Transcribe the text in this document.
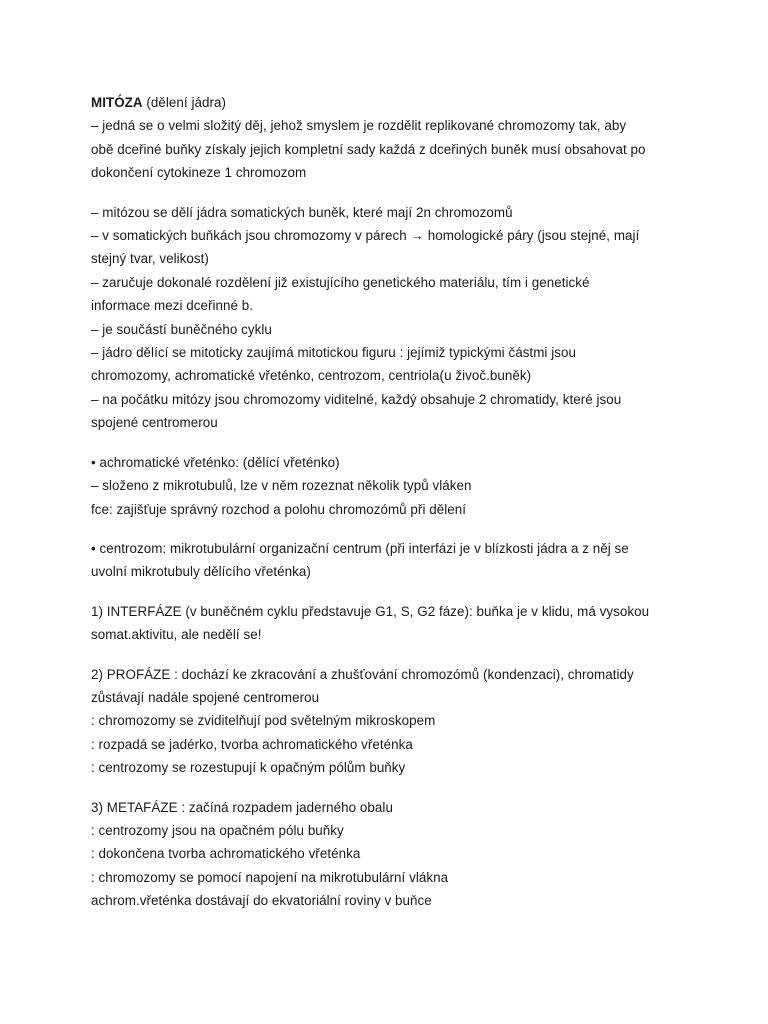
MITÓZA (dělení jádra)
– jedná se o velmi složitý děj, jehož smyslem je rozdělit replikované chromozomy tak, aby
obě dceřiné buňky získaly jejich kompletní sady každá z dceřiných buněk musí obsahovat po
dokončení cytokineze 1 chromozom
– mitózou se dělí jádra somatických buněk, které mají 2n chromozomů
– v somatických buňkách jsou chromozomy v párech → homologické páry (jsou stejné, mají
stejný tvar, velikost)
– zaručuje dokonalé rozdělení již existujícího genetického materiálu, tím i genetické
informace mezi dceřinné b.
– je součástí buněčného cyklu
– jádro dělící se mitoticky zaujímá mitotickou figuru : jejímiž typickými částmi jsou
chromozomy, achromatické vřeténko, centrozom, centriola(u živoč.buněk)
– na počátku mitózy jsou chromozomy viditelné, každý obsahuje 2 chromatidy, které jsou
spojené centromerou
• achromatické vřeténko: (dělící vřeténko)
– složeno z mikrotubulů, lze v něm rozeznat několik typů vláken
fce: zajišťuje správný rozchod a polohu chromozómů při dělení
• centrozom: mikrotubulární organizační centrum (při interfázi je v blízkosti jádra a z něj se
uvolní mikrotubuly dělícího vřeténka)
1) INTERFÁZE (v buněčném cyklu představuje G1, S, G2 fáze): buňka je v klidu, má vysokou
somat.aktivitu, ale nedělí se!
2) PROFÁZE : dochází ke zkracování a zhušťování chromozómů (kondenzaci), chromatidy
zůstávají nadále spojené centromerou
: chromozomy se zviditelňují pod světelným mikroskopem
: rozpadá se jadérko, tvorba achromatického vřeténka
: centrozomy se rozestupují k opačným pólům buňky
3) METAFÁZE : začíná rozpadem jaderného obalu
: centrozomy jsou na opačném pólu buňky
: dokončena tvorba achromatického vřeténka
: chromozomy se pomocí napojení na mikrotubulární vlákna
achrom.vřeténka dostávají do ekvatoriální roviny v buňce
